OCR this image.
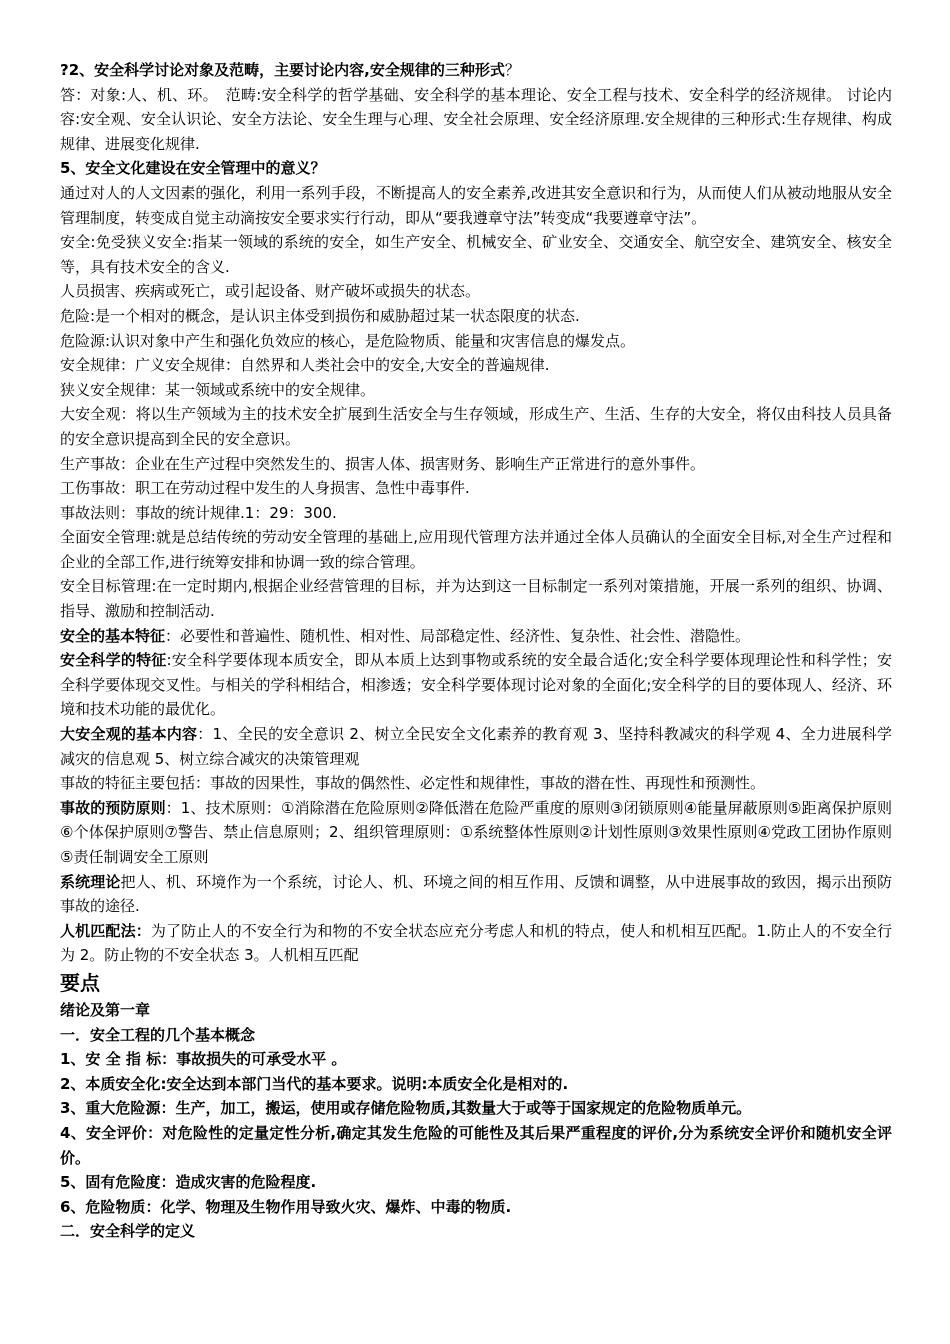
?2、安全科学讨论对象及范畴，主要讨论内容,安全规律的三种形式？

答：对象:人、机、环。　范畴:安全科学的哲学基础、安全科学的基本理论、安全工程与技术、安全科学的经济规律。 讨论内容:安全观、安全认识论、安全方法论、安全生理与心理、安全社会原理、安全经济原理.安全规律的三种形式:生存规律、构成规律、进展变化规律.

5、安全文化建设在安全管理中的意义？

通过对人的人文因素的强化，利用一系列手段，不断提高人的安全素养,改进其安全意识和行为，从而使人们从被动地服从安全管理制度，转变成自觉主动滴按安全要求实行行动，即从“要我遵章守法”转变成“我要遵章守法”。

安全:免受狭义安全:指某一领域的系统的安全，如生产安全、机械安全、矿业安全、交通安全、航空安全、建筑安全、核安全等，具有技术安全的含义.

人员损害、疾病或死亡，或引起设备、财产破坏或损失的状态。

危险:是一个相对的概念，是认识主体受到损伤和威胁超过某一状态限度的状态.

危险源:认识对象中产生和强化负效应的核心，是危险物质、能量和灾害信息的爆发点。

安全规律：广义安全规律：自然界和人类社会中的安全,大安全的普遍规律.

狭义安全规律：某一领域或系统中的安全规律。

大安全观：将以生产领域为主的技术安全扩展到生活安全与生存领域，形成生产、生活、生存的大安全，将仅由科技人员具备的安全意识提高到全民的安全意识。

生产事故：企业在生产过程中突然发生的、损害人体、损害财务、影响生产正常进行的意外事件。

工伤事故：职工在劳动过程中发生的人身损害、急性中毒事件.

事故法则：事故的统计规律.1：29：300.

全面安全管理:就是总结传统的劳动安全管理的基础上,应用现代管理方法并通过全体人员确认的全面安全目标,对全生产过程和企业的全部工作,进行统筹安排和协调一致的综合管理。

安全目标管理:在一定时期内,根据企业经营管理的目标，并为达到这一目标制定一系列对策措施，开展一系列的组织、协调、指导、激励和控制活动.

安全的基本特征：必要性和普遍性、随机性、相对性、局部稳定性、经济性、复杂性、社会性、潜隐性。

安全科学的特征:安全科学要体现本质安全，即从本质上达到事物或系统的安全最合适化;安全科学要体现理论性和科学性；安全科学要体现交叉性。与相关的学科相结合，相渗透；安全科学要体现讨论对象的全面化;安全科学的目的要体现人、经济、环境和技术功能的最优化。

大安全观的基本内容：1、全民的安全意识 2、树立全民安全文化素养的教育观 3、坚持科教减灾的科学观 4、全力进展科学减灾的信息观 5、树立综合减灾的决策管理观

事故的特征主要包括：事故的因果性，事故的偶然性、必定性和规律性，事故的潜在性、再现性和预测性。

事故的预防原则：1、技术原则：①消除潜在危险原则②降低潜在危险严重度的原则③闭锁原则④能量屏蔽原则⑤距离保护原则⑥个体保护原则⑦警告、禁止信息原则；2、组织管理原则：①系统整体性原则②计划性原则③效果性原则④党政工团协作原则⑤责任制调安全工原则

系统理论把人、机、环境作为一个系统，讨论人、机、环境之间的相互作用、反馈和调整，从中进展事故的致因，揭示出预防事故的途径.

人机匹配法：为了防止人的不安全行为和物的不安全状态应充分考虑人和机的特点，使人和机相互匹配。1.防止人的不安全行为 2。防止物的不安全状态 3。人机相互匹配

要点

绪论及第一章

一．安全工程的几个基本概念

1、安 全 指 标：事故损失的可承受水平 。

2、本质安全化:安全达到本部门当代的基本要求。说明:本质安全化是相对的.

3、重大危险源：生产，加工，搬运，使用或存储危险物质,其数量大于或等于国家规定的危险物质单元。

4、安全评价：对危险性的定量定性分析,确定其发生危险的可能性及其后果严重程度的评价,分为系统安全评价和随机安全评价。

5、固有危险度：造成灾害的危险程度.

6、危险物质：化学、物理及生物作用导致火灾、爆炸、中毒的物质.

二．安全科学的定义
